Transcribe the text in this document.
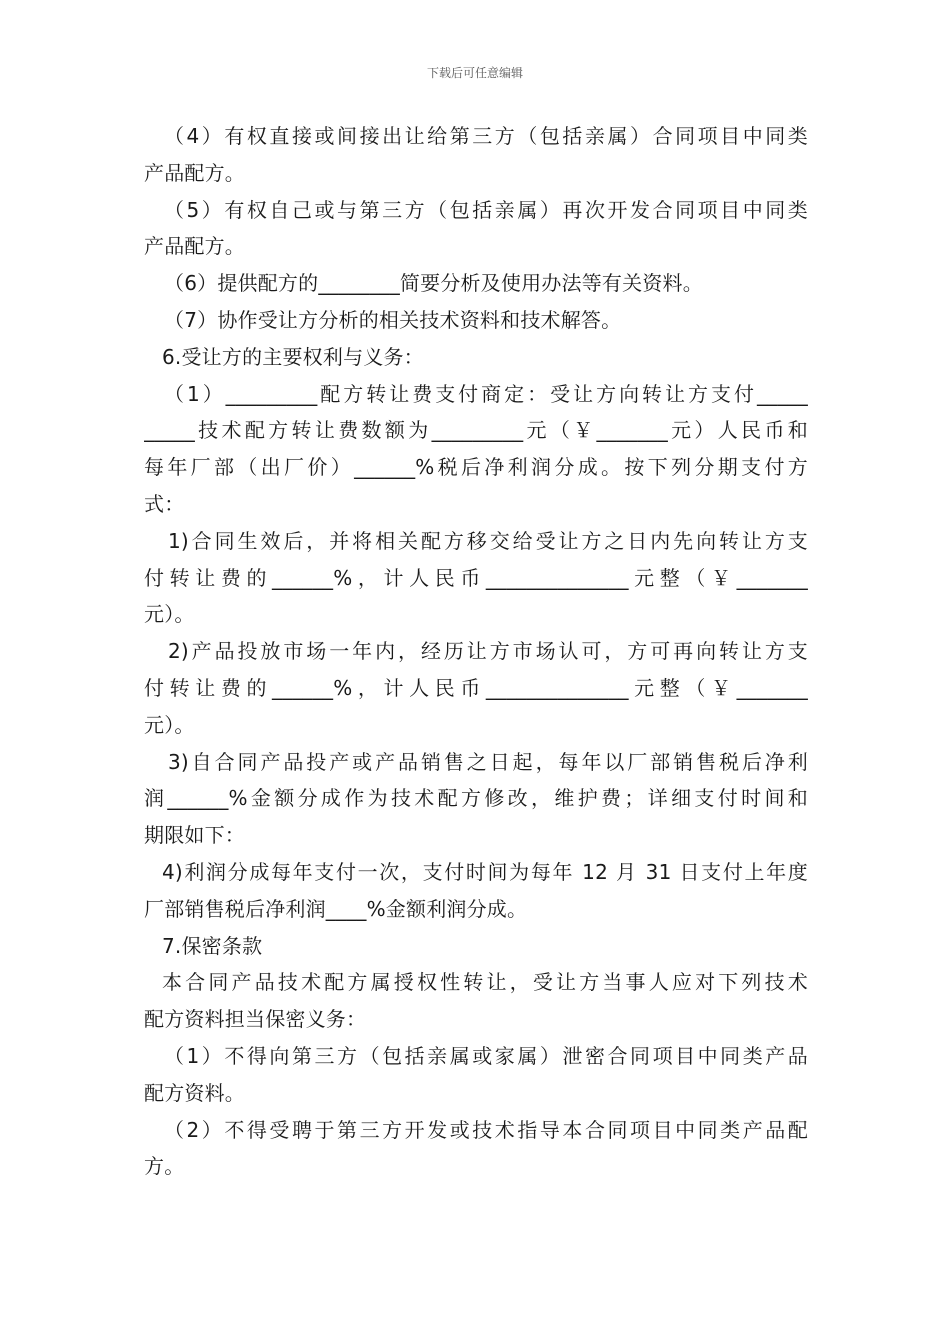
下载后可任意编辑
（4）有权直接或间接出让给第三方（包括亲属）合同项目中同类
产品配方。
（5）有权自己或与第三方（包括亲属）再次开发合同项目中同类
产品配方。
（6）提供配方的________简要分析及使用办法等有关资料。
（7）协作受让方分析的相关技术资料和技术解答。
6.受让方的主要权利与义务：
（1）_________配方转让费支付商定：受让方向转让方支付_____
_____技术配方转让费数额为_________元（￥_______元）人民币和
每年厂部（出厂价）______%税后净利润分成。按下列分期支付方
式：
1)合同生效后，并将相关配方移交给受让方之日内先向转让方支
付转让费的______%，计人民币______________元整（￥_______
元）。
2)产品投放市场一年内，经历让方市场认可，方可再向转让方支
付转让费的______%，计人民币______________元整（￥_______
元）。
3)自合同产品投产或产品销售之日起，每年以厂部销售税后净利
润______%金额分成作为技术配方修改，维护费；详细支付时间和
期限如下：
4)利润分成每年支付一次，支付时间为每年 12 月 31 日支付上年度
厂部销售税后净利润____%金额利润分成。
7.保密条款
本合同产品技术配方属授权性转让，受让方当事人应对下列技术
配方资料担当保密义务：
（1）不得向第三方（包括亲属或家属）泄密合同项目中同类产品
配方资料。
（2）不得受聘于第三方开发或技术指导本合同项目中同类产品配
方。
